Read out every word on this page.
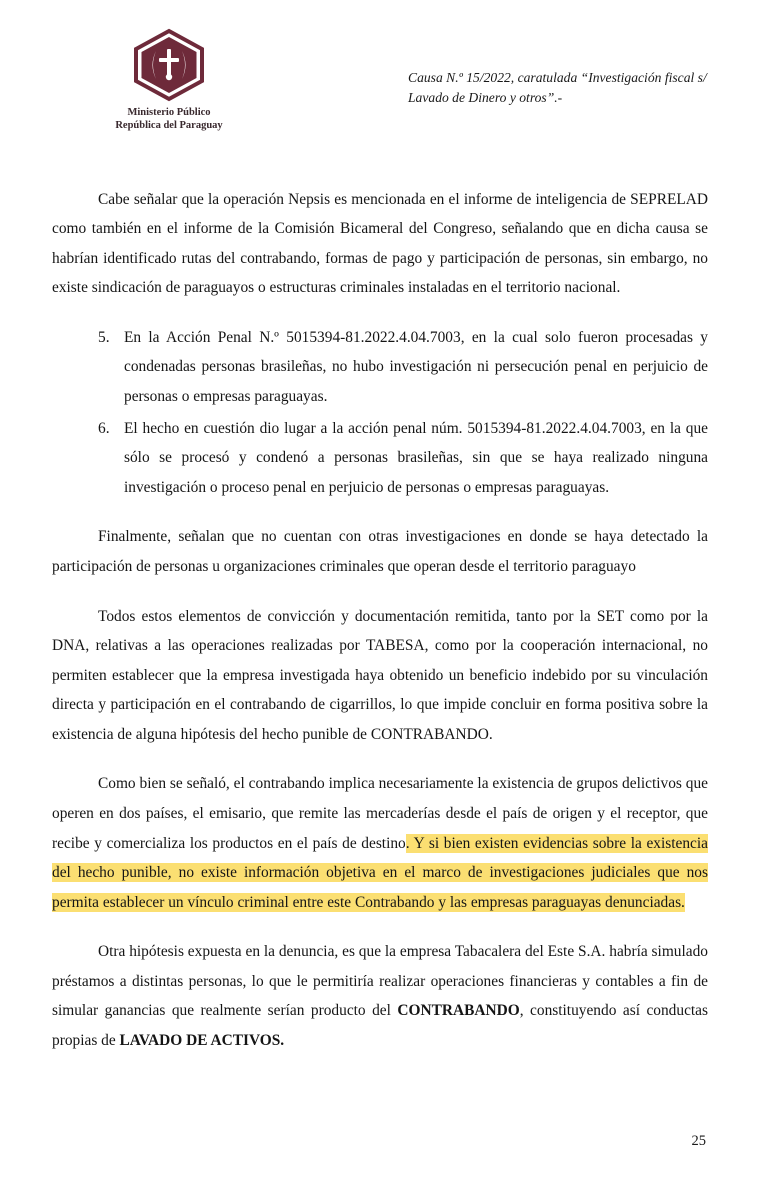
Ministerio Público
República del Paraguay
Causa N.º 15/2022, caratulada “Investigación fiscal s/ Lavado de Dinero y otros”.-

Cabe señalar que la operación Nepsis es mencionada en el informe de inteligencia de SEPRELAD como también en el informe de la Comisión Bicameral del Congreso, señalando que en dicha causa se habrían identificado rutas del contrabando, formas de pago y participación de personas, sin embargo, no existe sindicación de paraguayos o estructuras criminales instaladas en el territorio nacional.

5. En la Acción Penal N.º 5015394-81.2022.4.04.7003, en la cual solo fueron procesadas y condenadas personas brasileñas, no hubo investigación ni persecución penal en perjuicio de personas o empresas paraguayas.
6. El hecho en cuestión dio lugar a la acción penal núm. 5015394-81.2022.4.04.7003, en la que sólo se procesó y condenó a personas brasileñas, sin que se haya realizado ninguna investigación o proceso penal en perjuicio de personas o empresas paraguayas.

Finalmente, señalan que no cuentan con otras investigaciones en donde se haya detectado la participación de personas u organizaciones criminales que operan desde el territorio paraguayo

Todos estos elementos de convicción y documentación remitida, tanto por la SET como por la DNA, relativas a las operaciones realizadas por TABESA, como por la cooperación internacional, no permiten establecer que la empresa investigada haya obtenido un beneficio indebido por su vinculación directa y participación en el contrabando de cigarrillos, lo que impide concluir en forma positiva sobre la existencia de alguna hipótesis del hecho punible de CONTRABANDO.

Como bien se señaló, el contrabando implica necesariamente la existencia de grupos delictivos que operen en dos países, el emisario, que remite las mercaderías desde el país de origen y el receptor, que recibe y comercializa los productos en el país de destino. Y si bien existen evidencias sobre la existencia del hecho punible, no existe información objetiva en el marco de investigaciones judiciales que nos permita establecer un vínculo criminal entre este Contrabando y las empresas paraguayas denunciadas.

Otra hipótesis expuesta en la denuncia, es que la empresa Tabacalera del Este S.A. habría simulado préstamos a distintas personas, lo que le permitiría realizar operaciones financieras y contables a fin de simular ganancias que realmente serían producto del CONTRABANDO, constituyendo así conductas propias de LAVADO DE ACTIVOS.

25
